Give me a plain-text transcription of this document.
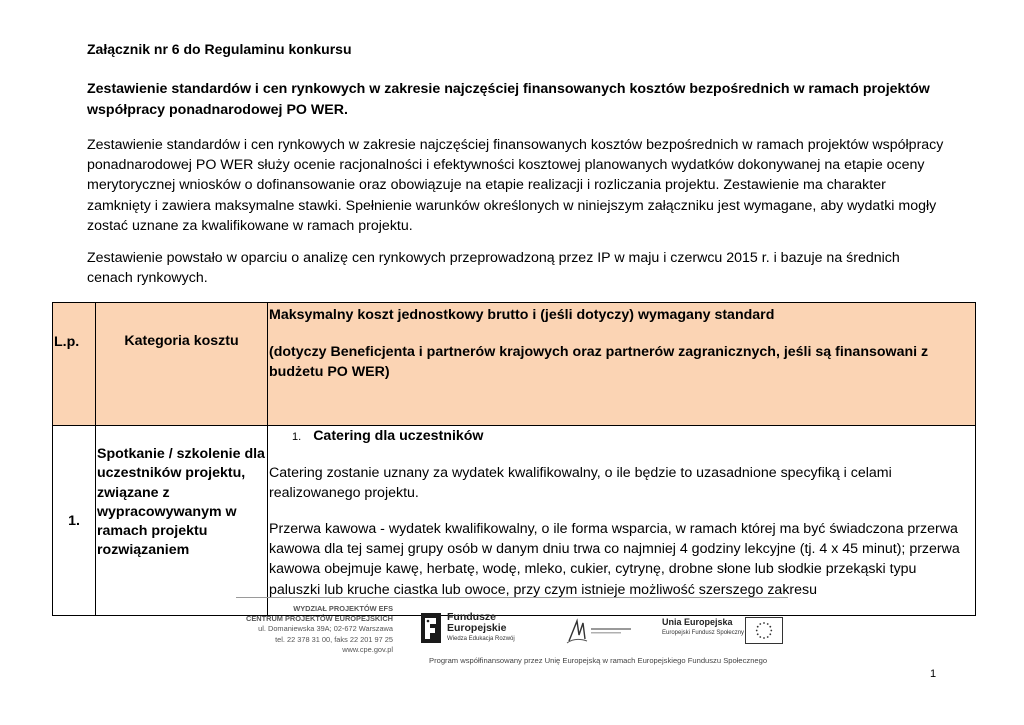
Załącznik nr 6 do Regulaminu konkursu
Zestawienie standardów i cen rynkowych w zakresie najczęściej finansowanych kosztów bezpośrednich w ramach projektów współpracy ponadnarodowej PO WER.
Zestawienie standardów i cen rynkowych w zakresie najczęściej finansowanych kosztów bezpośrednich w ramach projektów współpracy ponadnarodowej PO WER służy ocenie racjonalności i efektywności kosztowej planowanych wydatków dokonywanej na etapie oceny merytorycznej wniosków o dofinansowanie oraz obowiązuje na etapie realizacji i rozliczania projektu. Zestawienie ma charakter zamknięty i zawiera maksymalne stawki. Spełnienie warunków określonych w niniejszym załączniku jest wymagane, aby wydatki mogły zostać uznane za kwalifikowane w ramach projektu.
Zestawienie powstało w oparciu o analizę cen rynkowych przeprowadzoną przez IP w maju i czerwcu 2015 r. i bazuje na średnich cenach rynkowych.
L.p.	Kategoria kosztu	Maksymalny koszt jednostkowy brutto i (jeśli dotyczy) wymagany standard
(dotyczy Beneficjenta i partnerów krajowych oraz partnerów zagranicznych, jeśli są finansowani z budżetu PO WER)

1.	Spotkanie / szkolenie dla uczestników projektu, związane z wypracowywanym w ramach projektu rozwiązaniem	1. Catering dla uczestników
Catering zostanie uznany za wydatek kwalifikowalny, o ile będzie to uzasadnione specyfiką i celami realizowanego projektu.
Przerwa kawowa - wydatek kwalifikowalny, o ile forma wsparcia, w ramach której ma być świadczona przerwa kawowa dla tej samej grupy osób w danym dniu trwa co najmniej 4 godziny lekcyjne (tj. 4 x 45 minut); przerwa kawowa obejmuje kawę, herbatę, wodę, mleko, cukier, cytrynę, drobne słone lub słodkie przekąski typu paluszki lub kruche ciastka lub owoce, przy czym istnieje możliwość szerszego zakresu
WYDZIAŁ PROJEKTÓW EFS
CENTRUM PROJEKTÓW EUROPEJSKICH
ul. Domaniewska 39A; 02-672 Warszawa
tel. 22 378 31 00, faks 22 201 97 25
www.cpe.gov.pl
Fundusze
Europejskie
Wiedza Edukacja Rozwój
Unia Europejska
Europejski Fundusz Społeczny
Program współfinansowany przez Unię Europejską w ramach Europejskiego Funduszu Społecznego
1
